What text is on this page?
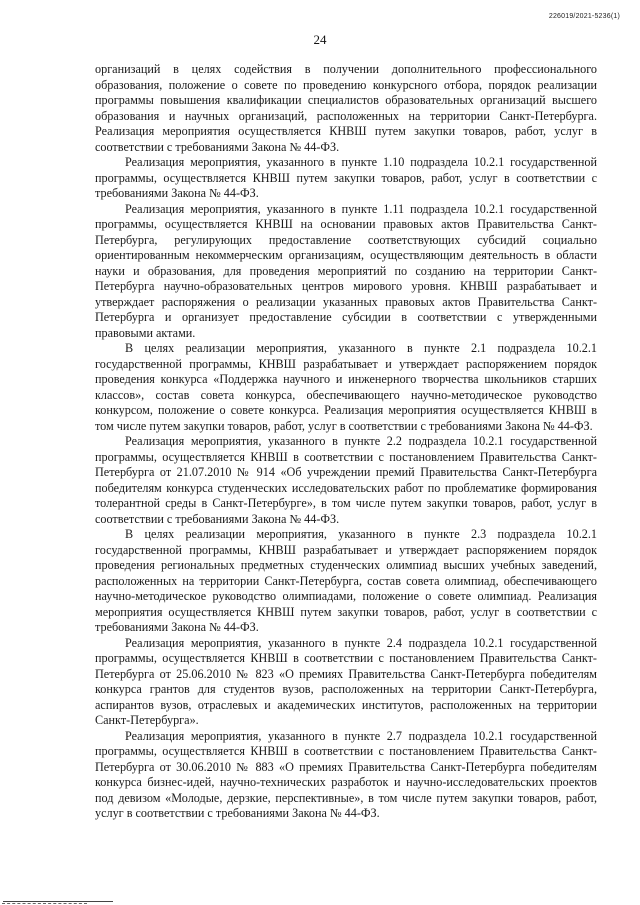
226019/2021-5236(1)
24

организаций в целях содействия в получении дополнительного профессионального образования, положение о совете по проведению конкурсного отбора, порядок реализации программы повышения квалификации специалистов образовательных организаций высшего образования и научных организаций, расположенных на территории Санкт-Петербурга. Реализация мероприятия осуществляется КНВШ путем закупки товаров, работ, услуг в соответствии с требованиями Закона № 44-ФЗ.

Реализация мероприятия, указанного в пункте 1.10 подраздела 10.2.1 государственной программы, осуществляется КНВШ путем закупки товаров, работ, услуг в соответствии с требованиями Закона № 44-ФЗ.

Реализация мероприятия, указанного в пункте 1.11 подраздела 10.2.1 государственной программы, осуществляется КНВШ на основании правовых актов Правительства Санкт-Петербурга, регулирующих предоставление соответствующих субсидий социально ориентированным некоммерческим организациям, осуществляющим деятельность в области науки и образования, для проведения мероприятий по созданию на территории Санкт-Петербурга научно-образовательных центров мирового уровня. КНВШ разрабатывает и утверждает распоряжения о реализации указанных правовых актов Правительства Санкт-Петербурга и организует предоставление субсидии в соответствии с утвержденными правовыми актами.

В целях реализации мероприятия, указанного в пункте 2.1 подраздела 10.2.1 государственной программы, КНВШ разрабатывает и утверждает распоряжением порядок проведения конкурса «Поддержка научного и инженерного творчества школьников старших классов», состав совета конкурса, обеспечивающего научно-методическое руководство конкурсом, положение о совете конкурса. Реализация мероприятия осуществляется КНВШ в том числе путем закупки товаров, работ, услуг в соответствии с требованиями Закона № 44-ФЗ.

Реализация мероприятия, указанного в пункте 2.2 подраздела 10.2.1 государственной программы, осуществляется КНВШ в соответствии с постановлением Правительства Санкт-Петербурга от 21.07.2010 № 914 «Об учреждении премий Правительства Санкт-Петербурга победителям конкурса студенческих исследовательских работ по проблематике формирования толерантной среды в Санкт-Петербурге», в том числе путем закупки товаров, работ, услуг в соответствии с требованиями Закона № 44-ФЗ.

В целях реализации мероприятия, указанного в пункте 2.3 подраздела 10.2.1 государственной программы, КНВШ разрабатывает и утверждает распоряжением порядок проведения региональных предметных студенческих олимпиад высших учебных заведений, расположенных на территории Санкт-Петербурга, состав совета олимпиад, обеспечивающего научно-методическое руководство олимпиадами, положение о совете олимпиад. Реализация мероприятия осуществляется КНВШ путем закупки товаров, работ, услуг в соответствии с требованиями Закона № 44-ФЗ.

Реализация мероприятия, указанного в пункте 2.4 подраздела 10.2.1 государственной программы, осуществляется КНВШ в соответствии с постановлением Правительства Санкт-Петербурга от 25.06.2010 № 823 «О премиях Правительства Санкт-Петербурга победителям конкурса грантов для студентов вузов, расположенных на территории Санкт-Петербурга, аспирантов вузов, отраслевых и академических институтов, расположенных на территории Санкт-Петербурга».

Реализация мероприятия, указанного в пункте 2.7 подраздела 10.2.1 государственной программы, осуществляется КНВШ в соответствии с постановлением Правительства Санкт-Петербурга от 30.06.2010 № 883 «О премиях Правительства Санкт-Петербурга победителям конкурса бизнес-идей, научно-технических разработок и научно-исследовательских проектов под девизом «Молодые, дерзкие, перспективные», в том числе путем закупки товаров, работ, услуг в соответствии с требованиями Закона № 44-ФЗ.
